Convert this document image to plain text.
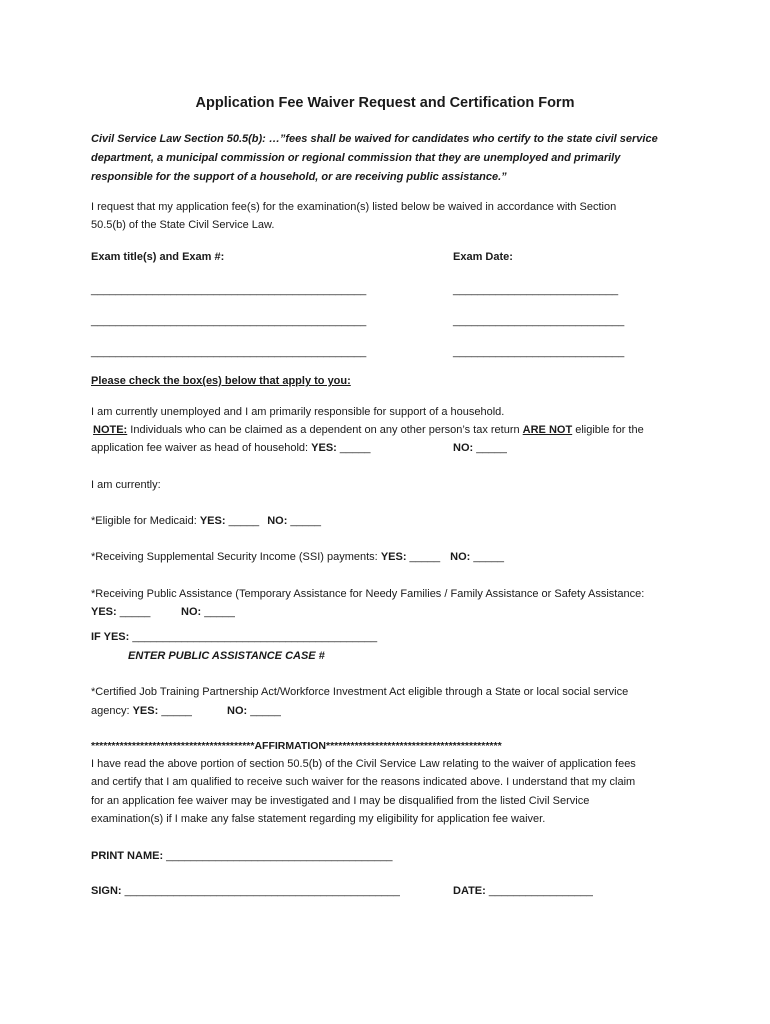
Application Fee Waiver Request and Certification Form
Civil Service Law Section 50.5(b): …”fees shall be waived for candidates who certify to the state civil service
department, a municipal commission or regional commission that they are unemployed and primarily
responsible for the support of a household, or are receiving public assistance.”
I request that my application fee(s) for the examination(s) listed below be waived in accordance with Section
50.5(b) of the State Civil Service Law.
Exam title(s) and Exam #:	Exam Date:
_____________________________________________	___________________________
_____________________________________________	____________________________
_____________________________________________	____________________________
Please check the box(es) below that apply to you:
I am currently unemployed and I am primarily responsible for support of a household.
NOTE: Individuals who can be claimed as a dependent on any other person’s tax return ARE NOT eligible for the
application fee waiver as head of household: YES: _____	NO: _____
I am currently:
*Eligible for Medicaid: YES: _____ NO: _____
*Receiving Supplemental Security Income (SSI) payments: YES: _____ NO: _____
*Receiving Public Assistance (Temporary Assistance for Needy Families / Family Assistance or Safety Assistance:
YES: _____	NO: _____
IF YES: ________________________________________
ENTER PUBLIC ASSISTANCE CASE #
*Certified Job Training Partnership Act/Workforce Investment Act eligible through a State or local social service
agency: YES: _____	NO: _____
****************************************AFFIRMATION*******************************************
I have read the above portion of section 50.5(b) of the Civil Service Law relating to the waiver of application fees
and certify that I am qualified to receive such waiver for the reasons indicated above. I understand that my claim
for an application fee waiver may be investigated and I may be disqualified from the listed Civil Service
examination(s) if I make any false statement regarding my eligibility for application fee waiver.
PRINT NAME: _____________________________________
SIGN: _____________________________________________	DATE: _________________
